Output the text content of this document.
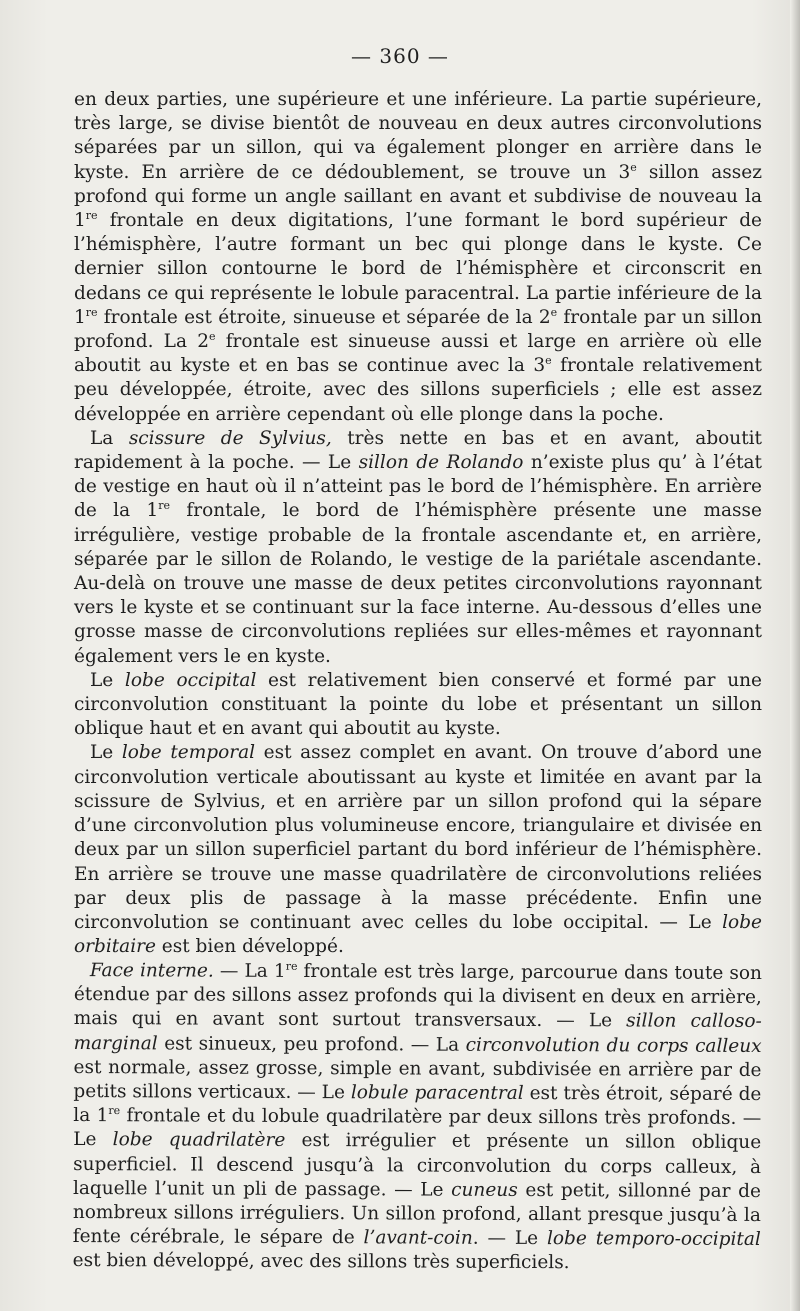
— 360 —

en deux parties, une supérieure et une inférieure. La partie supérieure, très large, se divise bientôt de nouveau en deux autres circonvolutions séparées par un sillon, qui va également plonger en arrière dans le kyste. En arrière de ce dédoublement, se trouve un 3e sillon assez profond qui forme un angle saillant en avant et subdivise de nouveau la 1re frontale en deux digitations, l’une formant le bord supérieur de l’hémisphère, l’autre formant un bec qui plonge dans le kyste. Ce dernier sillon contourne le bord de l’hémisphère et circonscrit en dedans ce qui représente le lobule paracentral. La partie inférieure de la 1re frontale est étroite, sinueuse et séparée de la 2e frontale par un sillon profond. La 2e frontale est sinueuse aussi et large en arrière où elle aboutit au kyste et en bas se continue avec la 3e frontale relativement peu développée, étroite, avec des sillons superficiels ; elle est assez développée en arrière cependant où elle plonge dans la poche.

La scissure de Sylvius, très nette en bas et en avant, aboutit rapidement à la poche. — Le sillon de Rolando n’existe plus qu’ à l’état de vestige en haut où il n’atteint pas le bord de l’hémisphère. En arrière de la 1re frontale, le bord de l’hémisphère présente une masse irrégulière, vestige probable de la frontale ascendante et, en arrière, séparée par le sillon de Rolando, le vestige de la pariétale ascendante. Au-delà on trouve une masse de deux petites circonvolutions rayonnant vers le kyste et se continuant sur la face interne. Au-dessous d’elles une grosse masse de circonvolutions repliées sur elles-mêmes et rayonnant également vers le en kyste.

Le lobe occipital est relativement bien conservé et formé par une circonvolution constituant la pointe du lobe et présentant un sillon oblique haut et en avant qui aboutit au kyste.

Le lobe temporal est assez complet en avant. On trouve d’abord une circonvolution verticale aboutissant au kyste et limitée en avant par la scissure de Sylvius, et en arrière par un sillon profond qui la sépare d’une circonvolution plus volumineuse encore, triangulaire et divisée en deux par un sillon superficiel partant du bord inférieur de l’hémisphère. En arrière se trouve une masse quadrilatère de circonvolutions reliées par deux plis de passage à la masse précédente. Enfin une circonvolution se continuant avec celles du lobe occipital. — Le lobe orbitaire est bien développé.

Face interne. — La 1re frontale est très large, parcourue dans toute son étendue par des sillons assez profonds qui la divisent en deux en arrière, mais qui en avant sont surtout transversaux. — Le sillon calloso-marginal est sinueux, peu profond. — La circonvolution du corps calleux est normale, assez grosse, simple en avant, subdivisée en arrière par de petits sillons verticaux. — Le lobule paracentral est très étroit, séparé de la 1re frontale et du lobule quadrilatère par deux sillons très profonds. — Le lobe quadrilatère est irrégulier et présente un sillon oblique superficiel. Il descend jusqu’à la circonvolution du corps calleux, à laquelle l’unit un pli de passage. — Le cuneus est petit, sillonné par de nombreux sillons irréguliers. Un sillon profond, allant presque jusqu’à la fente cérébrale, le sépare de l’avant-coin. — Le lobe temporo-occipital est bien développé, avec des sillons très superficiels.
